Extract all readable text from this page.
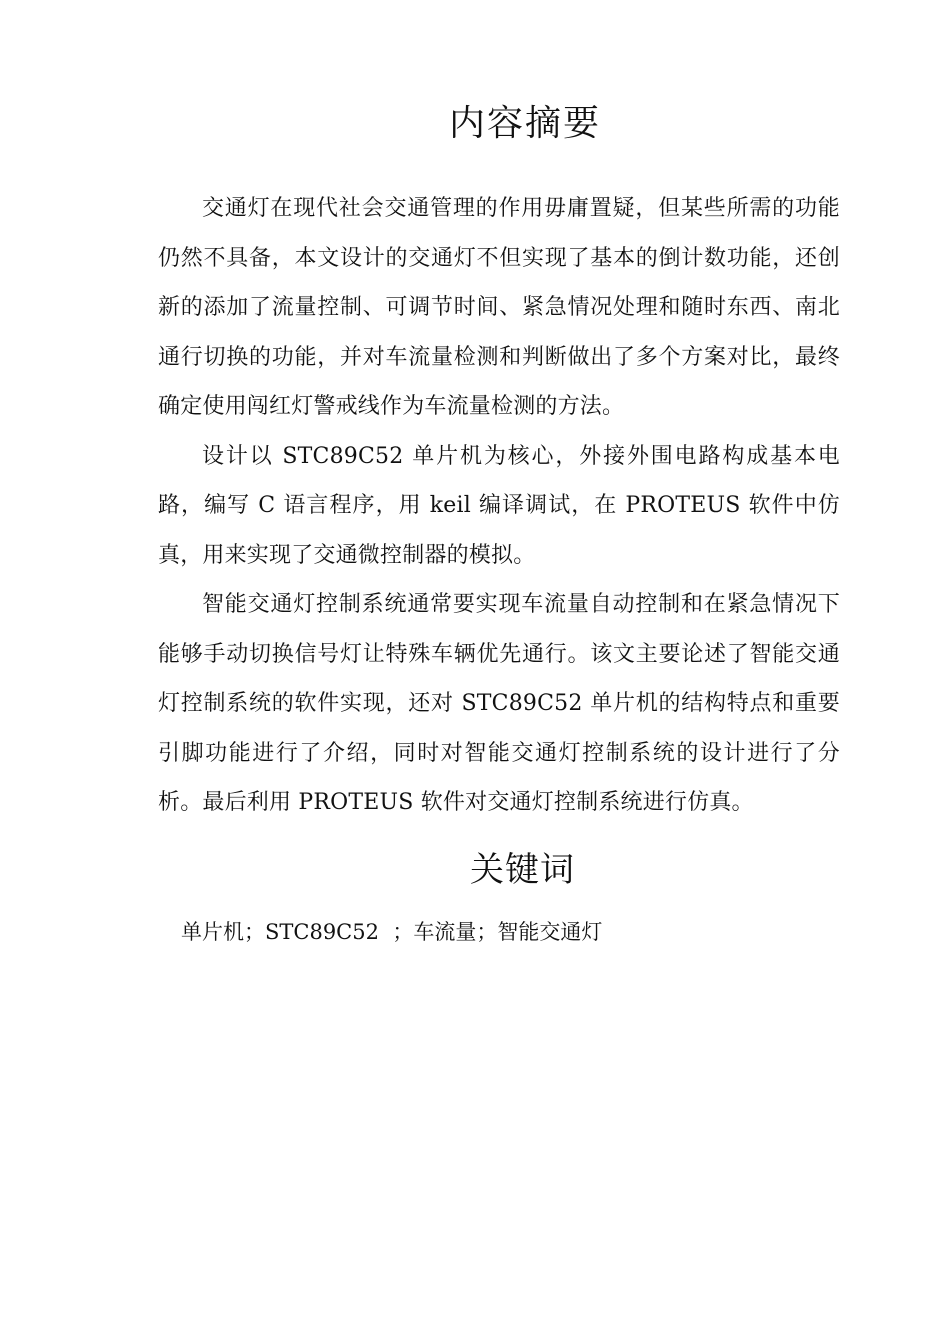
内容摘要

交通灯在现代社会交通管理的作用毋庸置疑，但某些所需的功能仍然不具备，本文设计的交通灯不但实现了基本的倒计数功能，还创新的添加了流量控制、可调节时间、紧急情况处理和随时东西、南北通行切换的功能，并对车流量检测和判断做出了多个方案对比，最终确定使用闯红灯警戒线作为车流量检测的方法。

设计以 STC89C52 单片机为核心，外接外围电路构成基本电路，编写 C 语言程序，用 keil 编译调试，在 PROTEUS 软件中仿真，用来实现了交通微控制器的模拟。

智能交通灯控制系统通常要实现车流量自动控制和在紧急情况下能够手动切换信号灯让特殊车辆优先通行。该文主要论述了智能交通灯控制系统的软件实现，还对 STC89C52 单片机的结构特点和重要引脚功能进行了介绍，同时对智能交通灯控制系统的设计进行了分析。最后利用 PROTEUS 软件对交通灯控制系统进行仿真。

关键词
单片机；STC89C52  ；车流量；智能交通灯
